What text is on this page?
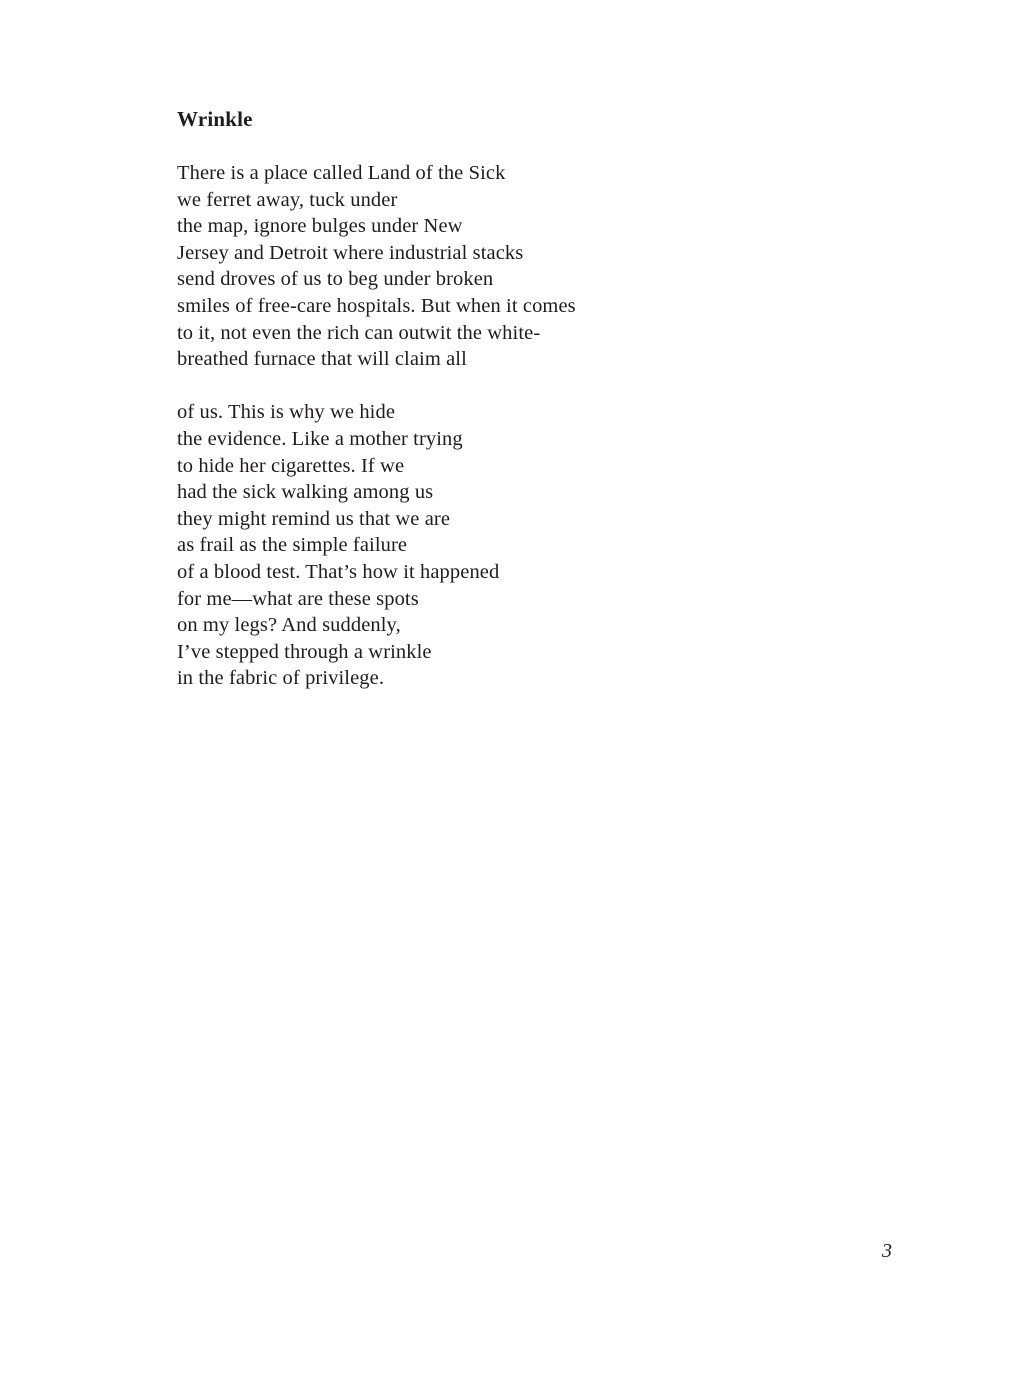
Wrinkle
There is a place called Land of the Sick
we ferret away, tuck under
the map, ignore bulges under New
Jersey and Detroit where industrial stacks
send droves of us to beg under broken
smiles of free-care hospitals. But when it comes
to it, not even the rich can outwit the white-
breathed furnace that will claim all
of us. This is why we hide
the evidence. Like a mother trying
to hide her cigarettes. If we
had the sick walking among us
they might remind us that we are
as frail as the simple failure
of a blood test. That’s how it happened
for me—what are these spots
on my legs? And suddenly,
I’ve stepped through a wrinkle
in the fabric of privilege.
3
